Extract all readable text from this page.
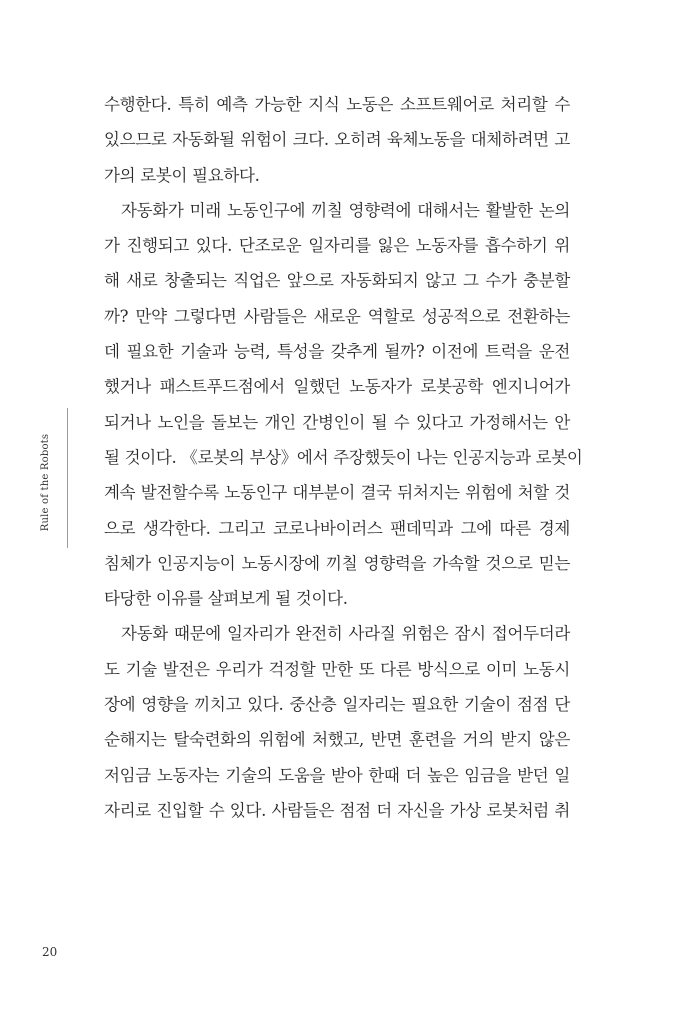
Rule of the Robots
수행한다. 특히 예측 가능한 지식 노동은 소프트웨어로 처리할 수
있으므로 자동화될 위험이 크다. 오히려 육체노동을 대체하려면 고
가의 로봇이 필요하다.
자동화가 미래 노동인구에 끼칠 영향력에 대해서는 활발한 논의
가 진행되고 있다. 단조로운 일자리를 잃은 노동자를 흡수하기 위
해 새로 창출되는 직업은 앞으로 자동화되지 않고 그 수가 충분할
까? 만약 그렇다면 사람들은 새로운 역할로 성공적으로 전환하는
데 필요한 기술과 능력, 특성을 갖추게 될까? 이전에 트럭을 운전
했거나 패스트푸드점에서 일했던 노동자가 로봇공학 엔지니어가
되거나 노인을 돌보는 개인 간병인이 될 수 있다고 가정해서는 안
될 것이다. 《로봇의 부상》에서 주장했듯이 나는 인공지능과 로봇이
계속 발전할수록 노동인구 대부분이 결국 뒤처지는 위험에 처할 것
으로 생각한다. 그리고 코로나바이러스 팬데믹과 그에 따른 경제
침체가 인공지능이 노동시장에 끼칠 영향력을 가속할 것으로 믿는
타당한 이유를 살펴보게 될 것이다.
자동화 때문에 일자리가 완전히 사라질 위험은 잠시 접어두더라
도 기술 발전은 우리가 걱정할 만한 또 다른 방식으로 이미 노동시
장에 영향을 끼치고 있다. 중산층 일자리는 필요한 기술이 점점 단
순해지는 탈숙련화의 위험에 처했고, 반면 훈련을 거의 받지 않은
저임금 노동자는 기술의 도움을 받아 한때 더 높은 임금을 받던 일
자리로 진입할 수 있다. 사람들은 점점 더 자신을 가상 로봇처럼 취
20
